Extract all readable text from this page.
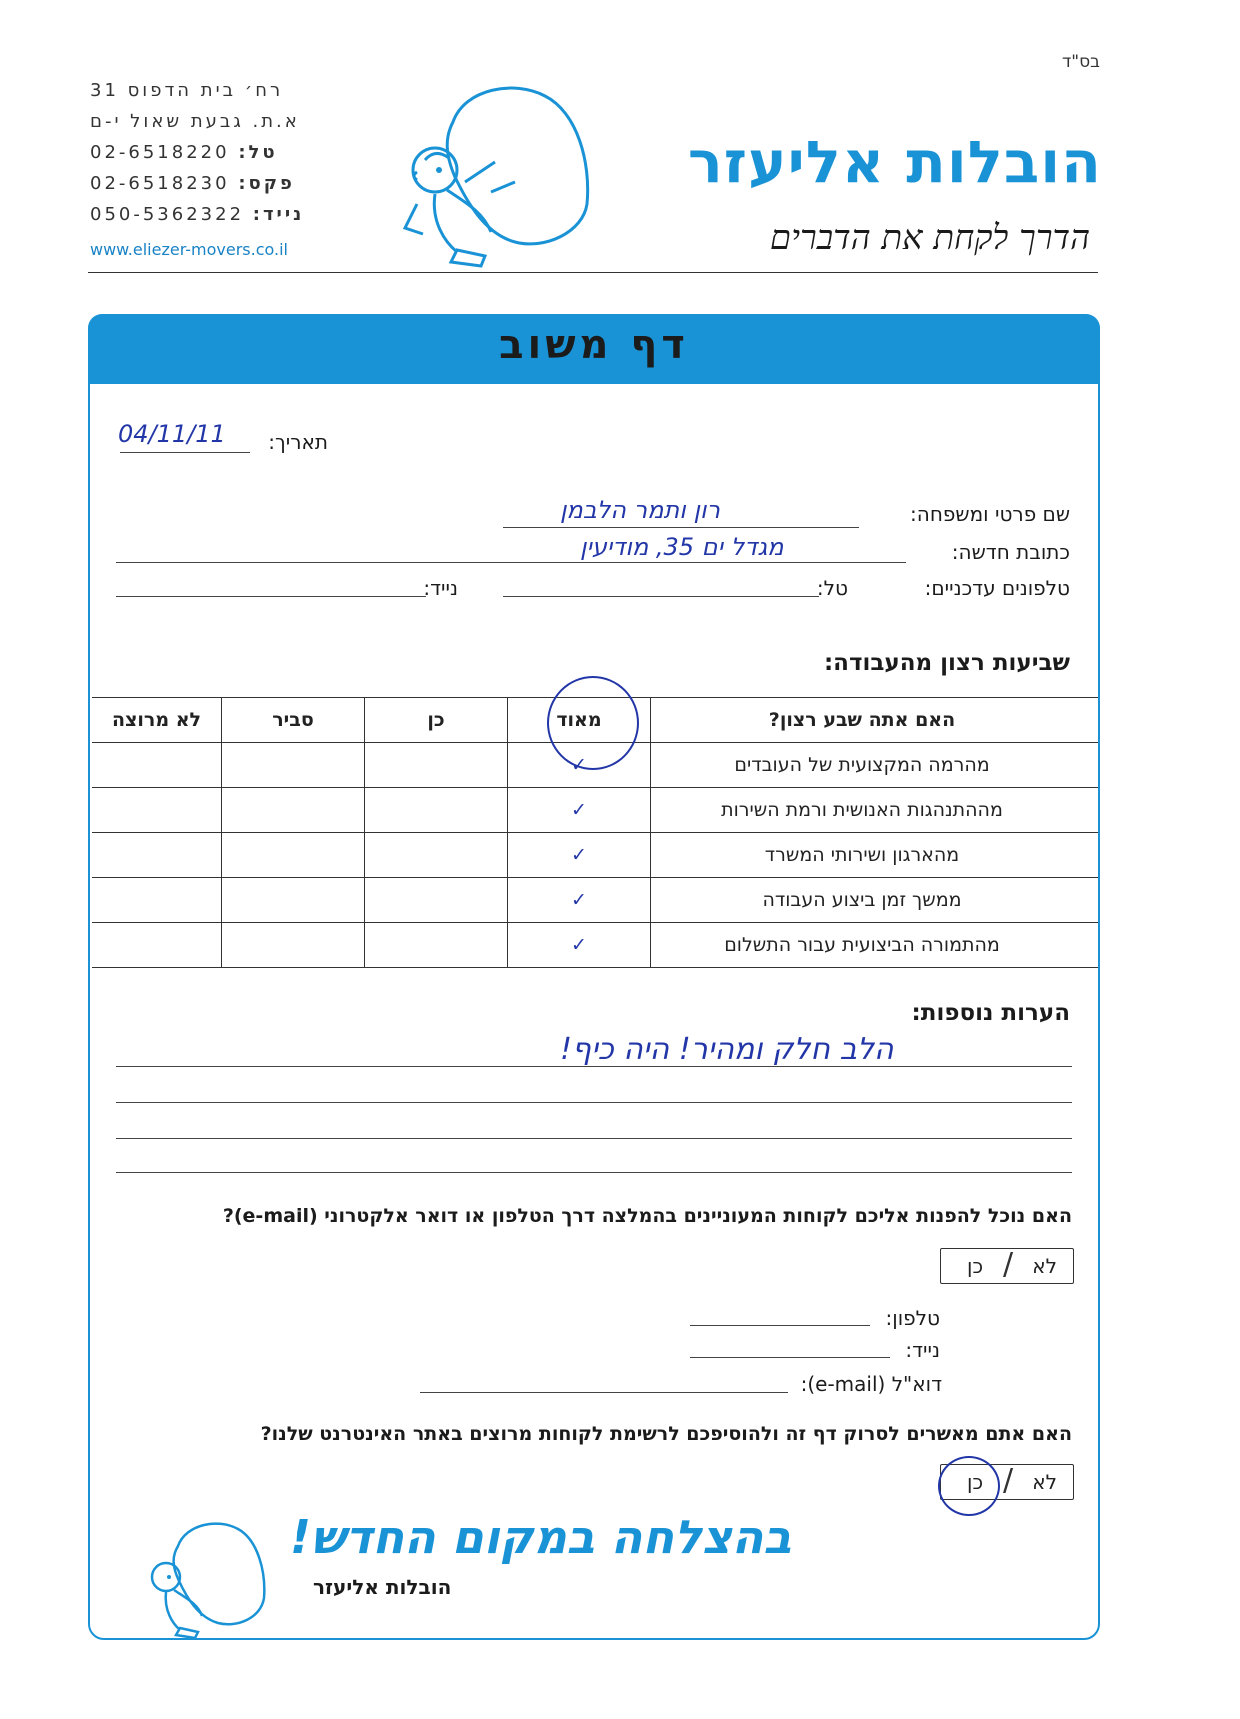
בס"ד
רח׳ בית הדפוס 31
א.ת. גבעת שאול י-ם
טל: 02-6518220
פקס: 02-6518230
נייד: 050-5362322
www.eliezer-movers.co.il
הובלות אליעזר
הדרך לקחת את הדברים
דף משוב
תאריך:
04/11/11
שם פרטי ומשפחה:
רון ותמר הלבמן
כתובת חדשה:
מגדל ים 35, מודיעין
טלפונים עדכניים:
טל:
נייד:
שביעות רצון מהעבודה:
האם אתה שבע רצון?	מאוד	כן	סביר	לא מרוצה
מהרמה המקצועית של העובדים	✓			
מההתנהגות האנושית ורמת השירות	✓			
מהארגון ושירותי המשרד	✓			
ממשך זמן ביצוע העבודה	✓			
מהתמורה הביצועית עבור התשלום	✓			
הערות נוספות:
הלב חלק ומהיר! היה כיף!
האם נוכל להפנות אליכם לקוחות המעוניינים בהמלצה דרך הטלפון או דואר אלקטרוני (e-mail)?
לא
/
כן
טלפון:
נייד:
דוא"ל (e-mail):
האם אתם מאשרים לסרוק דף זה ולהוסיפכם לרשימת לקוחות מרוצים באתר האינטרנט שלנו?
לא
/
כן
בהצלחה במקום החדש!
הובלות אליעזר
